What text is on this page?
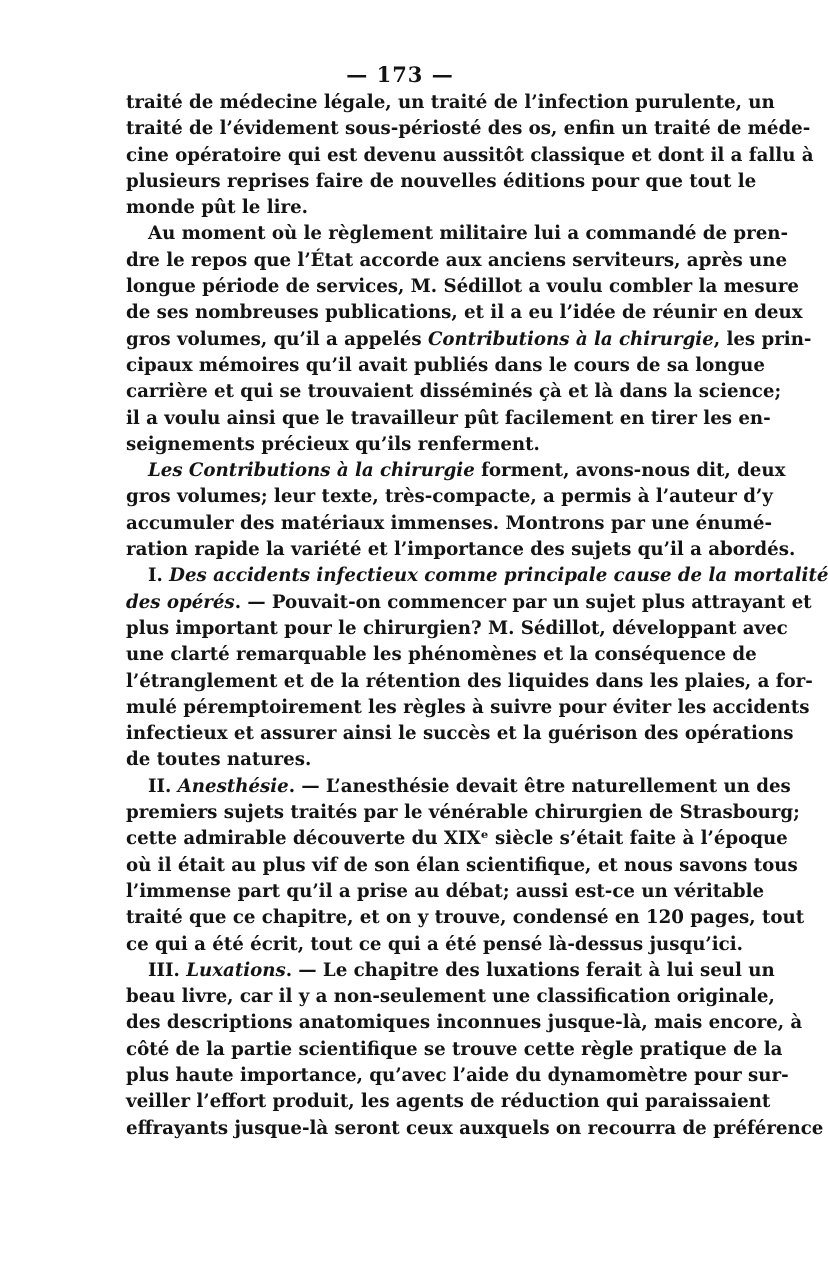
— 173 —
traité de médecine légale, un traité de l’infection purulente, un
traité de l’évidement sous-périosté des os, enfin un traité de méde-
cine opératoire qui est devenu aussitôt classique et dont il a fallu à
plusieurs reprises faire de nouvelles éditions pour que tout le
monde pût le lire.
Au moment où le règlement militaire lui a commandé de pren-
dre le repos que l’État accorde aux anciens serviteurs, après une
longue période de services, M. Sédillot a voulu combler la mesure
de ses nombreuses publications, et il a eu l’idée de réunir en deux
gros volumes, qu’il a appelés Contributions à la chirurgie, les prin-
cipaux mémoires qu’il avait publiés dans le cours de sa longue
carrière et qui se trouvaient disséminés çà et là dans la science;
il a voulu ainsi que le travailleur pût facilement en tirer les en-
seignements précieux qu’ils renferment.
Les Contributions à la chirurgie forment, avons-nous dit, deux
gros volumes; leur texte, très-compacte, a permis à l’auteur d’y
accumuler des matériaux immenses. Montrons par une énumé-
ration rapide la variété et l’importance des sujets qu’il a abordés.
I. Des accidents infectieux comme principale cause de la mortalité
des opérés. — Pouvait-on commencer par un sujet plus attrayant et
plus important pour le chirurgien? M. Sédillot, développant avec
une clarté remarquable les phénomènes et la conséquence de
l’étranglement et de la rétention des liquides dans les plaies, a for-
mulé péremptoirement les règles à suivre pour éviter les accidents
infectieux et assurer ainsi le succès et la guérison des opérations
de toutes natures.
II. Anesthésie. — L’anesthésie devait être naturellement un des
premiers sujets traités par le vénérable chirurgien de Strasbourg;
cette admirable découverte du XIXᵉ siècle s’était faite à l’époque
où il était au plus vif de son élan scientifique, et nous savons tous
l’immense part qu’il a prise au débat; aussi est-ce un véritable
traité que ce chapitre, et on y trouve, condensé en 120 pages, tout
ce qui a été écrit, tout ce qui a été pensé là-dessus jusqu’ici.
III. Luxations. — Le chapitre des luxations ferait à lui seul un
beau livre, car il y a non-seulement une classification originale,
des descriptions anatomiques inconnues jusque-là, mais encore, à
côté de la partie scientifique se trouve cette règle pratique de la
plus haute importance, qu’avec l’aide du dynamomètre pour sur-
veiller l’effort produit, les agents de réduction qui paraissaient
effrayants jusque-là seront ceux auxquels on recourra de préférence
